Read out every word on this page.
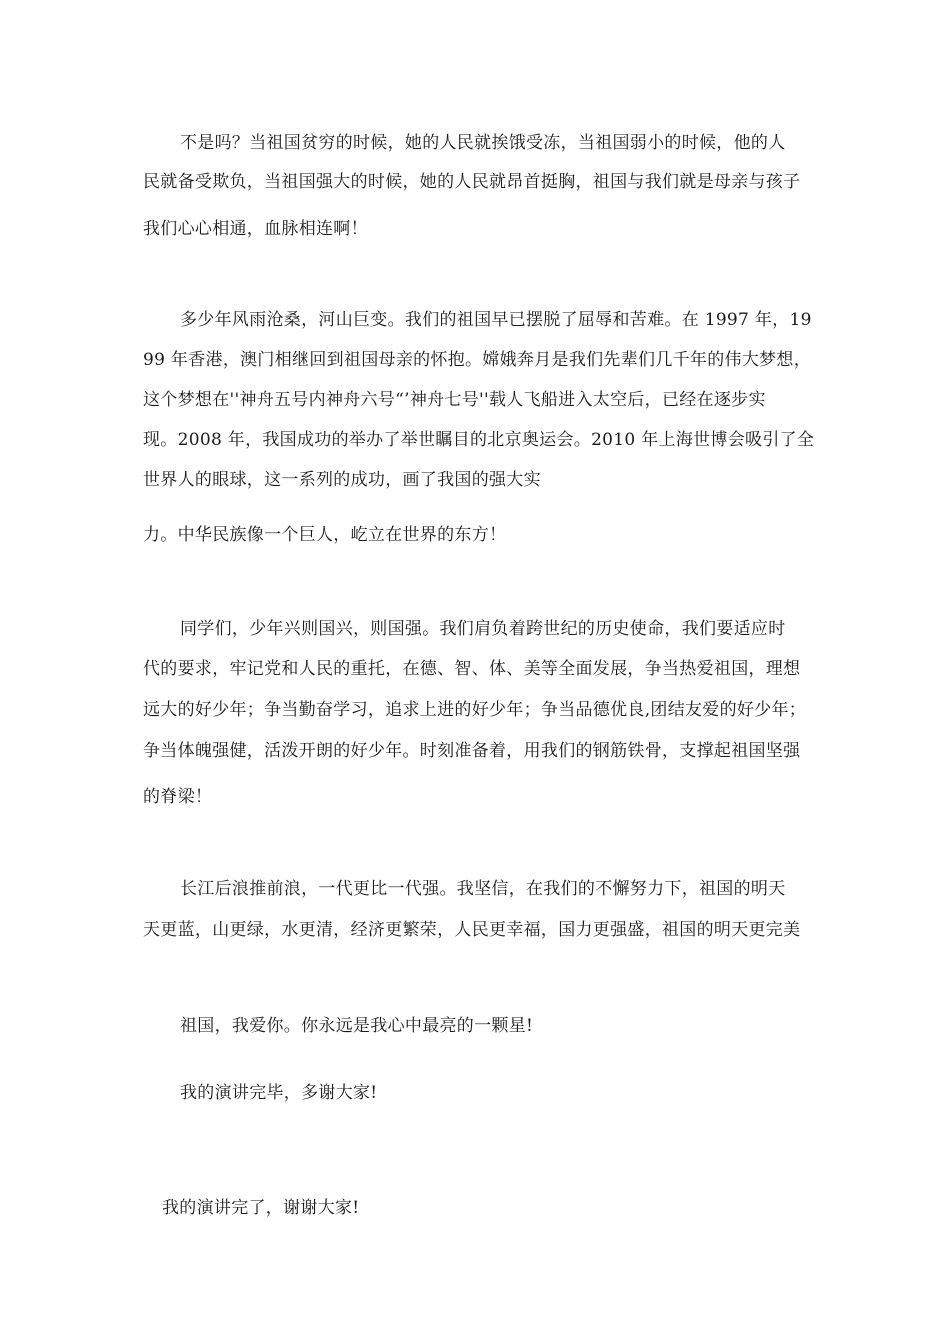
不是吗？当祖国贫穷的时候，她的人民就挨饿受冻，当祖国弱小的时候，他的人
民就备受欺负，当祖国强大的时候，她的人民就昂首挺胸，祖国与我们就是母亲与孩子
我们心心相通，血脉相连啊！
多少年风雨沧桑，河山巨变。我们的祖国早已摆脱了屈辱和苦难。在 1997 年，19
99 年香港，澳门相继回到祖国母亲的怀抱。嫦娥奔月是我们先辈们几千年的伟大梦想，
这个梦想在''神舟五号内神舟六号“’神舟七号''载人飞船进入太空后，已经在逐步实
现。2008 年，我国成功的举办了举世瞩目的北京奥运会。2010 年上海世博会吸引了全
世界人的眼球，这一系列的成功，画了我国的强大实
力。中华民族像一个巨人，屹立在世界的东方！
同学们，少年兴则国兴，则国强。我们肩负着跨世纪的历史使命，我们要适应时
代的要求，牢记党和人民的重托，在德、智、体、美等全面发展，争当热爱祖国，理想
远大的好少年；争当勤奋学习，追求上进的好少年；争当品德优良,团结友爱的好少年；
争当体魄强健，活泼开朗的好少年。时刻准备着，用我们的钢筋铁骨，支撑起祖国坚强
的脊梁！
长江后浪推前浪，一代更比一代强。我坚信，在我们的不懈努力下，祖国的明天
天更蓝，山更绿，水更清，经济更繁荣，人民更幸福，国力更强盛，祖国的明天更完美
祖国，我爱你。你永远是我心中最亮的一颗星!
我的演讲完毕，多谢大家!
我的演讲完了，谢谢大家!
